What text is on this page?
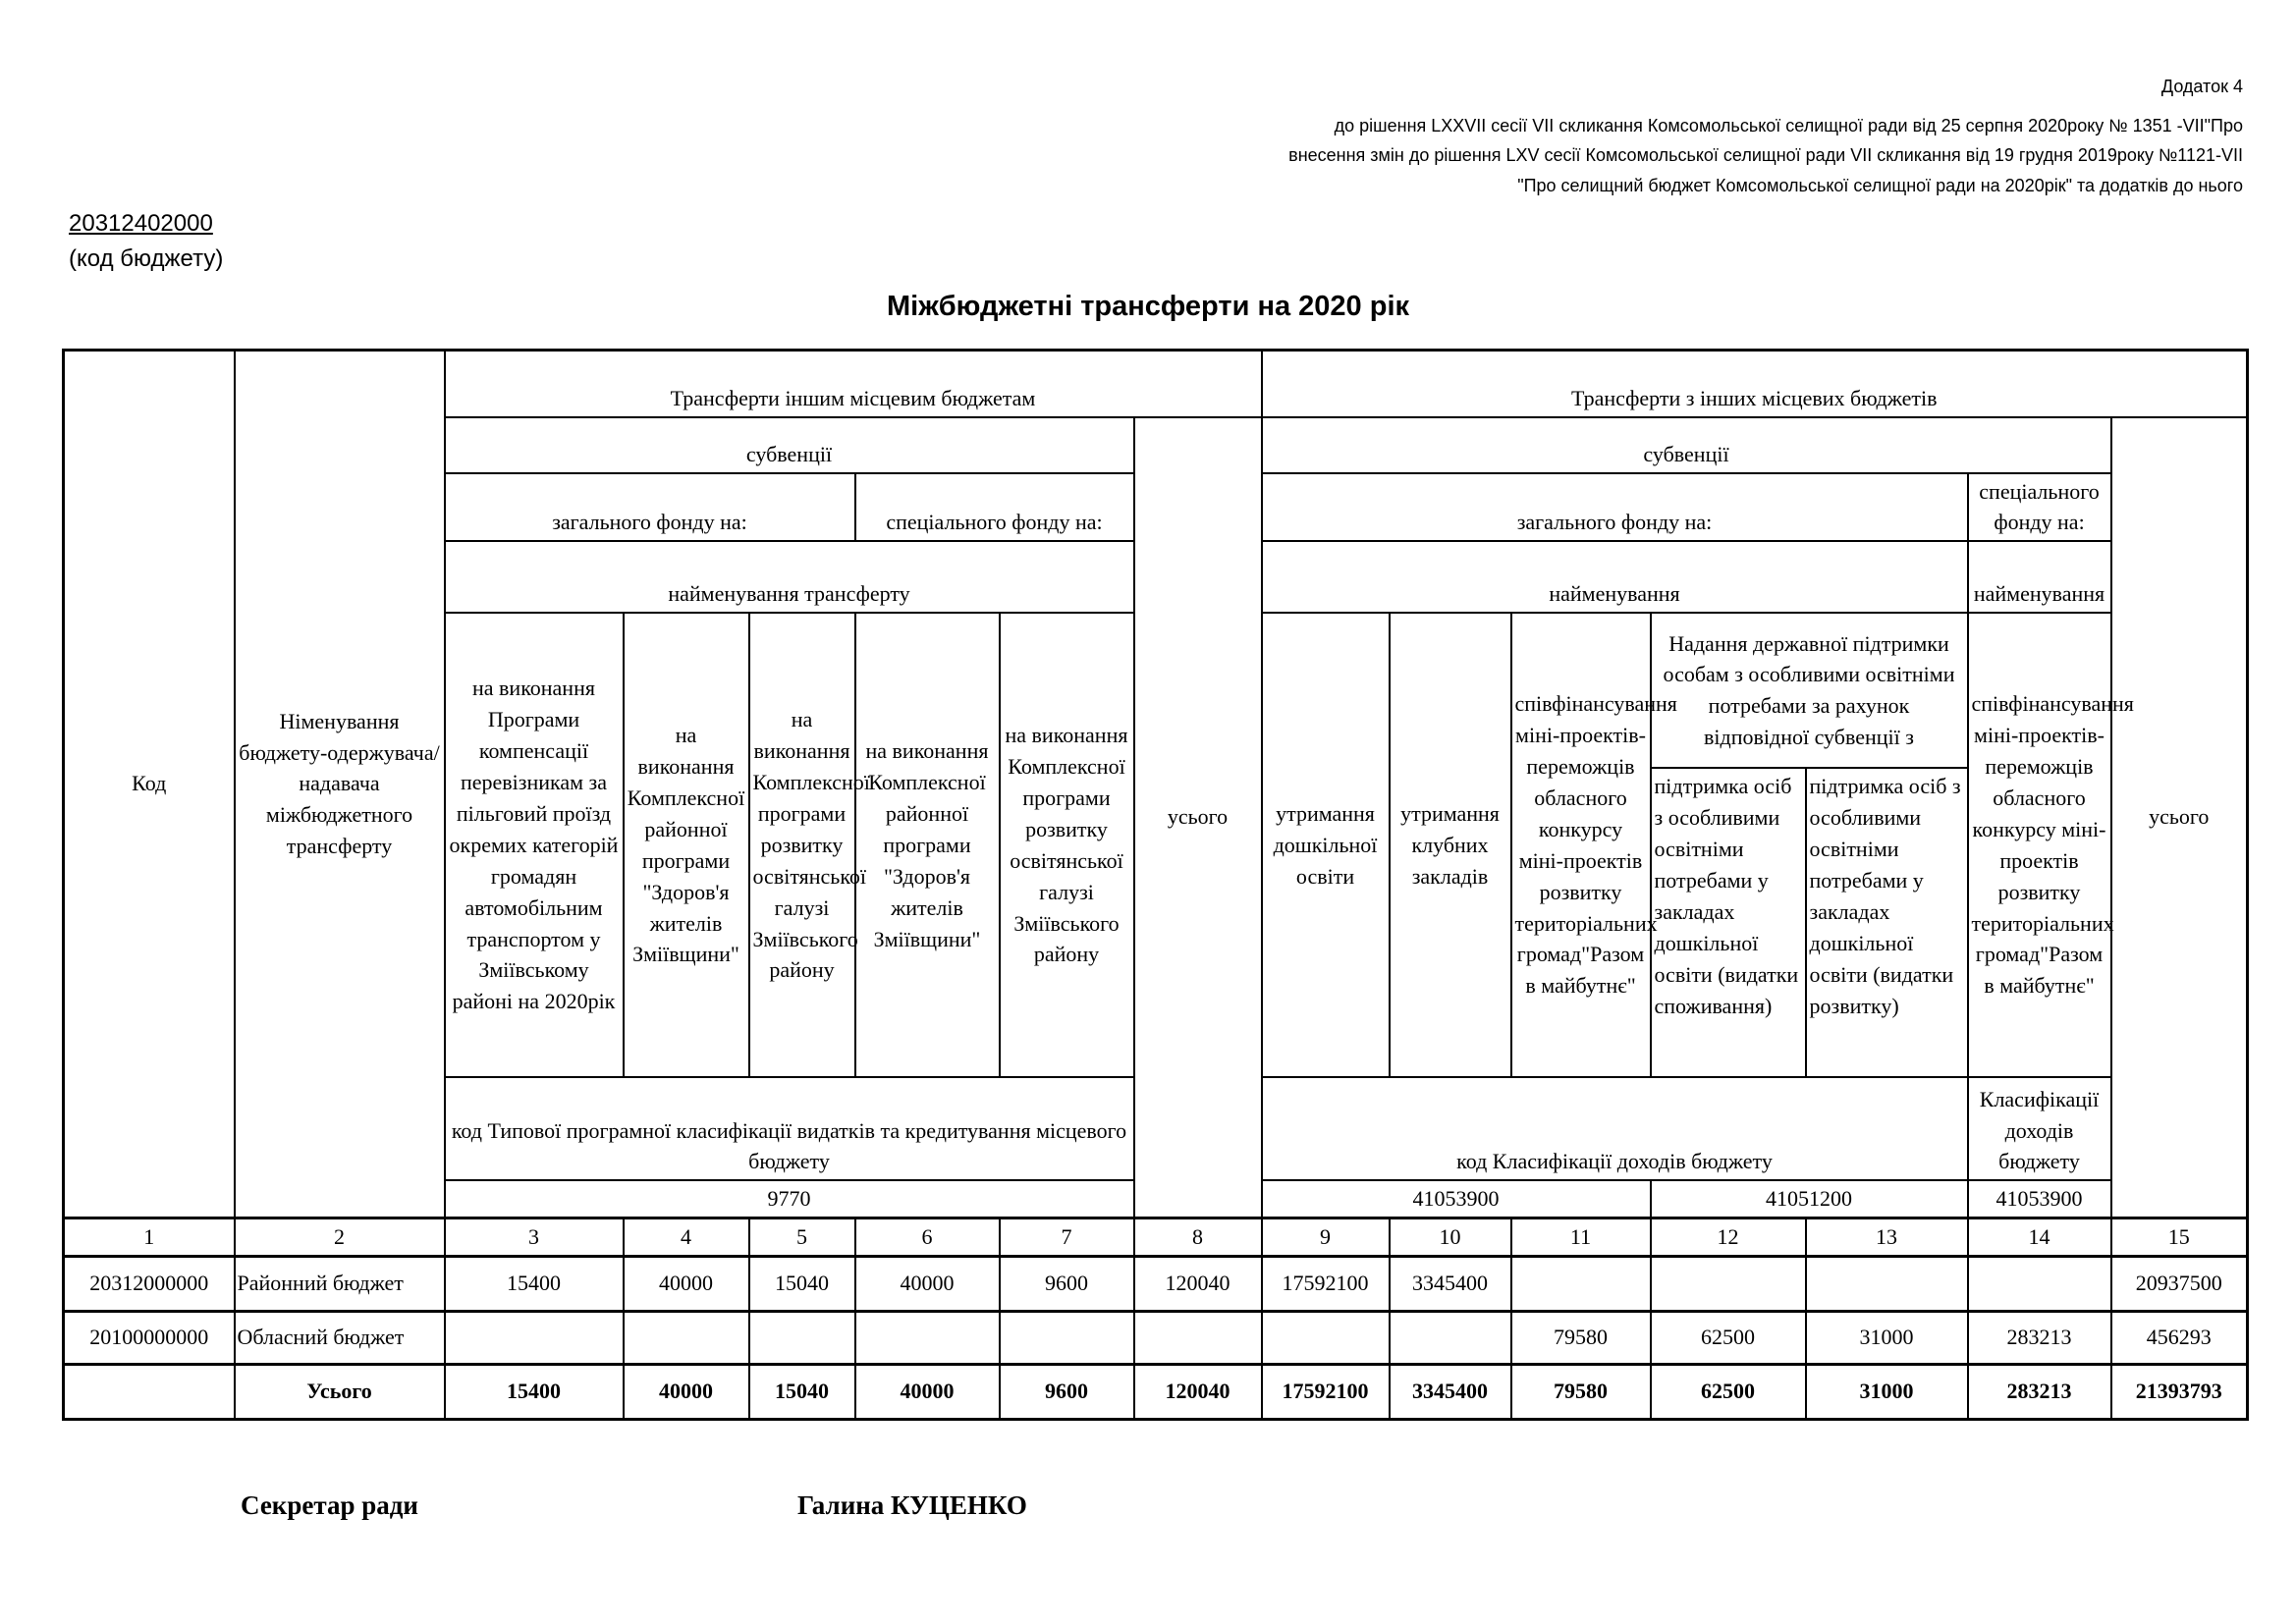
Додаток 4
до рішення LXXVII сесії VII скликання Комсомольської селищної ради від 25 серпня 2020року № 1351 -VII"Про
внесення змін до рішення LXV сесії Комсомольської селищної ради VII скликання від 19 грудня 2019року №1121-VII
"Про селищний бюджет Комсомольської селищної ради на 2020рік" та додатків до нього
20312402000
(код бюджету)
Міжбюджетні трансферти на 2020 рік
Код	Німенування бюджету-одержувача/надавача міжбюджетного трансферту	Трансферти іншим місцевим бюджетам						Трансферти з інших місцевих бюджетів						
		субвенції					усього	субвенції						усього
		загального фонду на:			спеціального фонду на:			загального фонду на:					спеціального фонду на:	
		найменування трансферту						найменування					найменування	
		на виконання Програми компенсації перевізникам за пільговий проїзд окремих категорій громадян автомобільним транспортом у Зміївському районі на 2020рік	на виконання Комплексної районної програми "Здоров'я жителів Зміївщини"	на виконання Комплексної програми розвитку освітянської галузі Зміївського району	на виконання Комплексної районної програми "Здоров'я жителів Зміївщини"	на виконання Комплексної програми розвитку освітянської галузі Зміївського району		утримання дошкільної освіти	утримання клубних закладів	співфінансування міні-проектів-переможців обласного конкурсу міні-проектів розвитку територіальних громад"Разом в майбутнє"	Надання державної підтримки особам з особливими освітніми потребами за рахунок відповідної субвенції з		співфінансування міні-проектів-переможців обласного конкурсу міні-проектів розвитку територіальних громад"Разом в майбутнє"	
											підтримка осіб з особливими освітніми потребами у закладах дошкільної освіти (видатки споживання)	підтримка осіб з особливими освітніми потребами у закладах дошкільної освіти (видатки розвитку)		
		код Типової програмної класифікації видатків та кредитування місцевого бюджету						код Класифікації доходів бюджету					Класифікації доходів бюджету	
		9770						41053900			41051200		41053900	

1	2	3	4	5	6	7	8	9	10	11	12	13	14	15
20312000000	Районний бюджет	15400	40000	15040	40000	9600	120040	17592100	3345400					20937500
20100000000	Обласний бюджет									79580	62500	31000	283213	456293
	Усього	15400	40000	15040	40000	9600	120040	17592100	3345400	79580	62500	31000	283213	21393793
Секретар ради	Галина КУЦЕНКО
